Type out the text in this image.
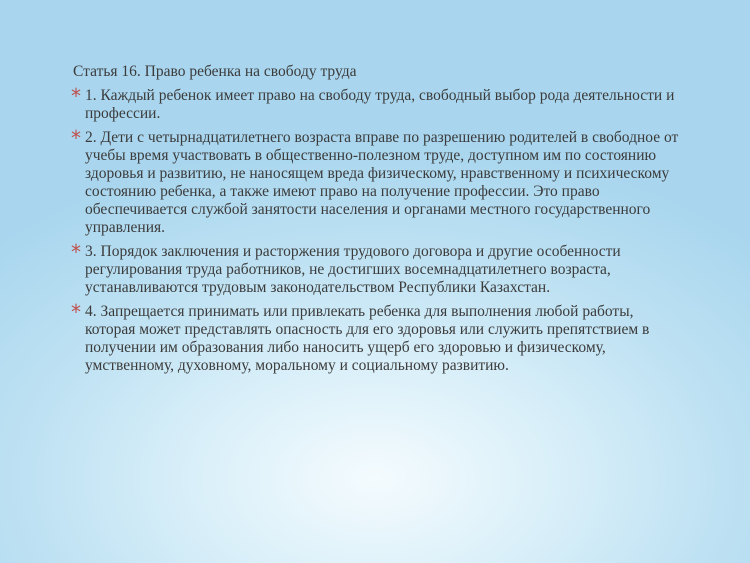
Статья 16. Право ребенка на свободу труда
* 1. Каждый ребенок имеет право на свободу труда, свободный выбор рода деятельности и профессии.
* 2. Дети с четырнадцатилетнего возраста вправе по разрешению родителей в свободное от учебы время участвовать в общественно-полезном труде, доступном им по состоянию здоровья и развитию, не наносящем вреда физическому, нравственному и психическому состоянию ребенка, а также имеют право на получение профессии. Это право обеспечивается службой занятости населения и органами местного государственного управления.
* 3. Порядок заключения и расторжения трудового договора и другие особенности регулирования труда работников, не достигших восемнадцатилетнего возраста, устанавливаются трудовым законодательством Республики Казахстан.
* 4. Запрещается принимать или привлекать ребенка для выполнения любой работы, которая может представлять опасность для его здоровья или служить препятствием в получении им образования либо наносить ущерб его здоровью и физическому, умственному, духовному, моральному и социальному развитию.
